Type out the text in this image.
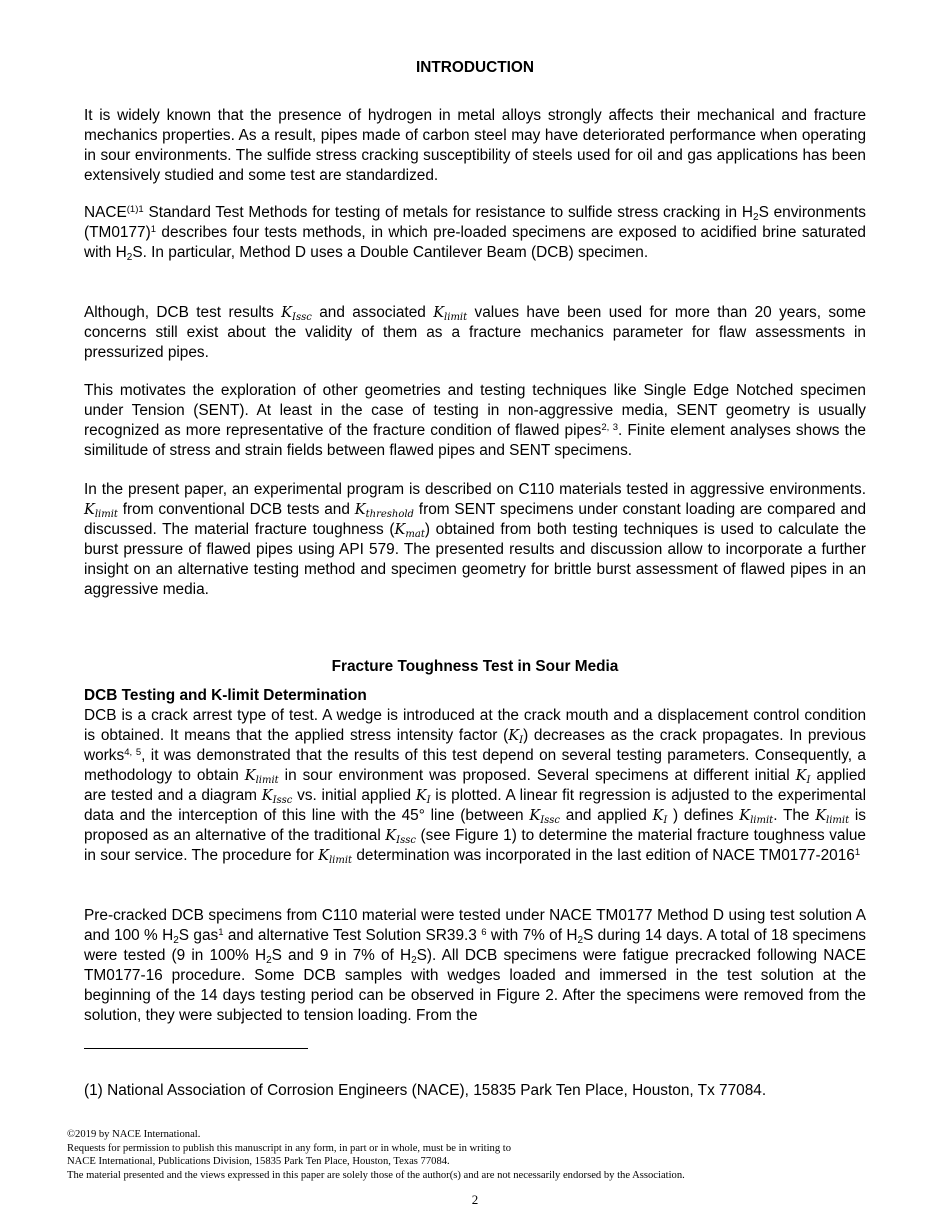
INTRODUCTION

It is widely known that the presence of hydrogen in metal alloys strongly affects their mechanical and fracture mechanics properties. As a result, pipes made of carbon steel may have deteriorated performance when operating in sour environments. The sulfide stress cracking susceptibility of steels used for oil and gas applications has been extensively studied and some test are standardized.

$NACE^{(1)1}$ Standard Test Methods for testing of metals for resistance to sulfide stress cracking in $H_2S$ environments $(TM0177)^1$ describes four tests methods, in which pre-loaded specimens are exposed to acidified brine saturated with $H_2S$. In particular, Method D uses a Double Cantilever Beam (DCB) specimen.

Although, DCB test results $K_{Issc}$ and associated $K_{limit}$ values have been used for more than 20 years, some concerns still exist about the validity of them as a fracture mechanics parameter for flaw assessments in pressurized pipes.

This motivates the exploration of other geometries and testing techniques like Single Edge Notched specimen under Tension (SENT). At least in the case of testing in non-aggressive media, SENT geometry is usually recognized as more representative of the fracture condition of flawed pipes$^{2, 3}$. Finite element analyses shows the similitude of stress and strain fields between flawed pipes and SENT specimens.

In the present paper, an experimental program is described on C110 materials tested in aggressive environments. $K_{limit}$ from conventional DCB tests and $K_{threshold}$ from SENT specimens under constant loading are compared and discussed. The material fracture toughness $(K_{mat})$ obtained from both testing techniques is used to calculate the burst pressure of flawed pipes using API 579. The presented results and discussion allow to incorporate a further insight on an alternative testing method and specimen geometry for brittle burst assessment of flawed pipes in an aggressive media.

Fracture Toughness Test in Sour Media
DCB Testing and K-limit Determination

DCB is a crack arrest type of test. A wedge is introduced at the crack mouth and a displacement control condition is obtained. It means that the applied stress intensity factor $(K_I)$ decreases as the crack propagates. In previous works$^{4, 5}$, it was demonstrated that the results of this test depend on several testing parameters. Consequently, a methodology to obtain $K_{limit}$ in sour environment was proposed. Several specimens at different initial $K_I$ applied are tested and a diagram $K_{Issc}$ vs. initial applied $K_I$ is plotted. A linear fit regression is adjusted to the experimental data and the interception of this line with the 45° line (between $K_{Issc}$ and applied $K_I$ ) defines $K_{limit}$. The $K_{limit}$ is proposed as an alternative of the traditional $K_{Issc}$ (see Figure 1) to determine the material fracture toughness value in sour service. The procedure for $K_{limit}$ determination was incorporated in the last edition of NACE TM0177-2016$^1$

Pre-cracked DCB specimens from C110 material were tested under NACE TM0177 Method D using test solution A and 100 % $H_2S$ gas$^1$ and alternative Test Solution SR39.3 $^6$ with 7% of $H_2S$ during 14 days. A total of 18 specimens were tested (9 in 100% $H_2S$ and 9 in 7% of $H_2S$). All DCB specimens were fatigue precracked following NACE TM0177-16 procedure. Some DCB samples with wedges loaded and immersed in the test solution at the beginning of the 14 days testing period can be observed in Figure 2. After the specimens were removed from the solution, they were subjected to tension loading. From the

(1) National Association of Corrosion Engineers (NACE), 15835 Park Ten Place, Houston, Tx 77084.
©2019 by NACE International.
Requests for permission to publish this manuscript in any form, in part or in whole, must be in writing to
NACE International, Publications Division, 15835 Park Ten Place, Houston, Texas 77084.
The material presented and the views expressed in this paper are solely those of the author(s) and are not necessarily endorsed by the Association.
2
